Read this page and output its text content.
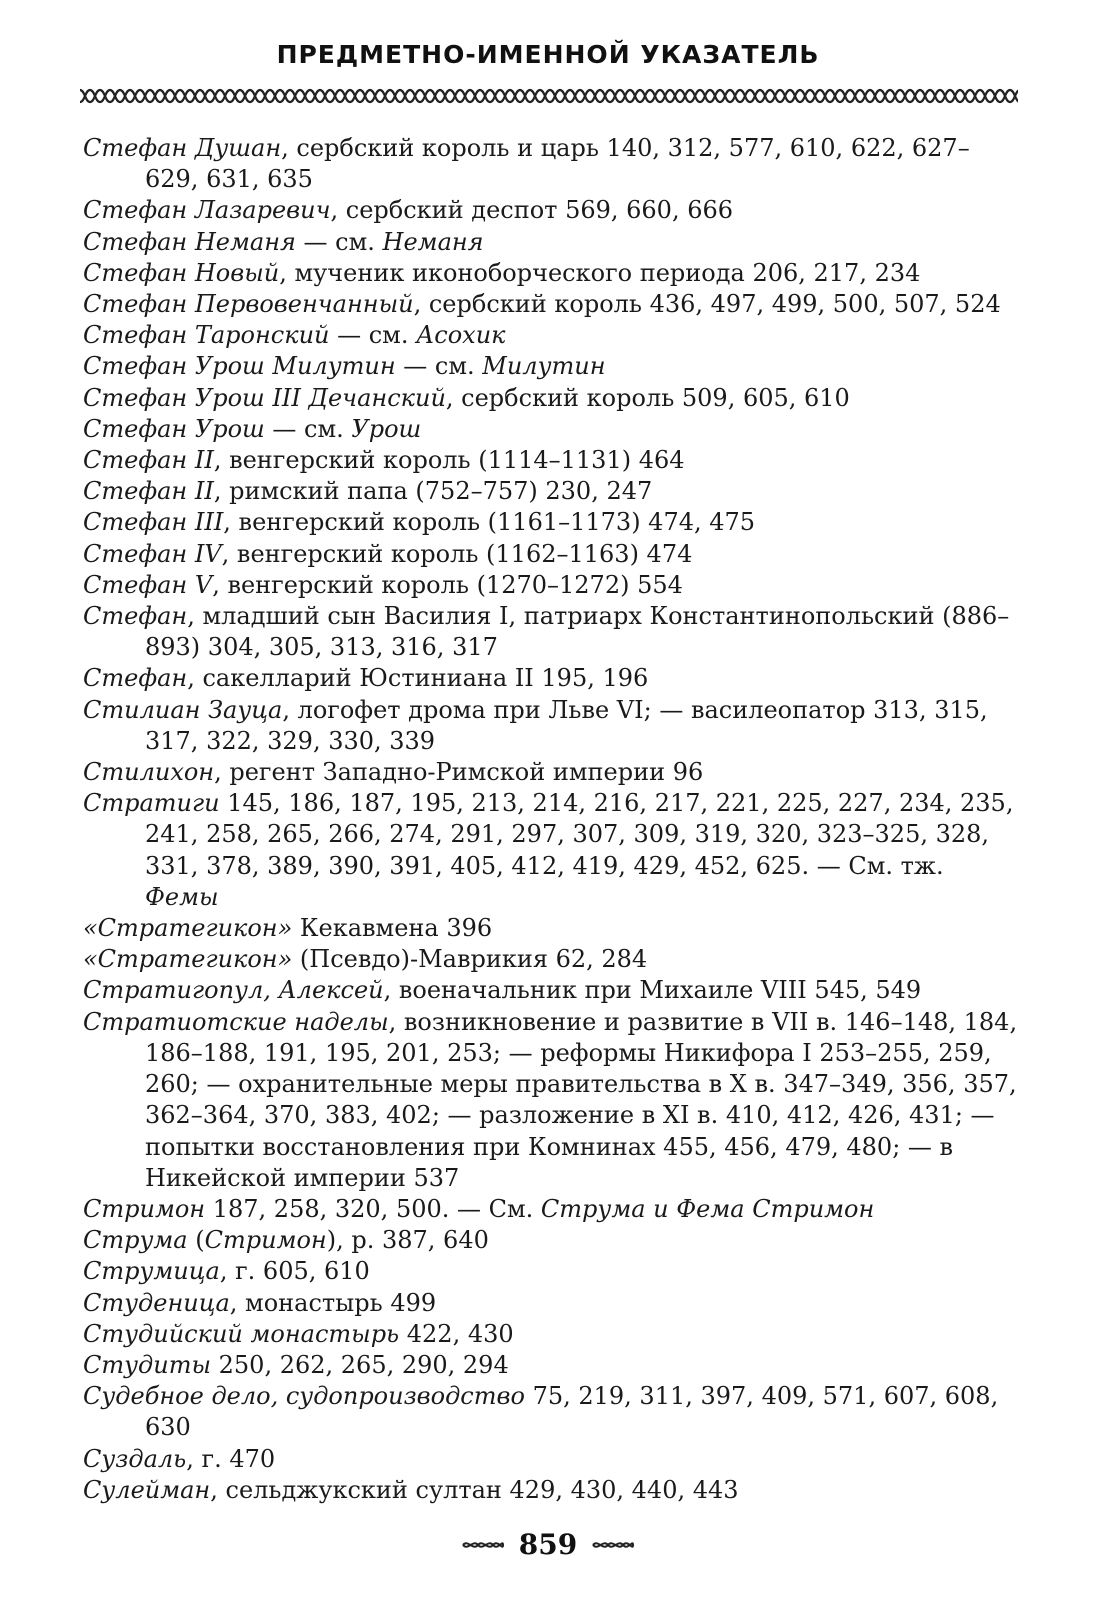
ПРЕДМЕТНО-ИМЕННОЙ УКАЗАТЕЛЬ

Стефан Душан, сербский король и царь 140, 312, 577, 610, 622, 627–629, 631, 635

Стефан Лазаревич, сербский деспот 569, 660, 666

Стефан Неманя — см. Неманя

Стефан Новый, мученик иконоборческого периода 206, 217, 234

Стефан Первовенчанный, сербский король 436, 497, 499, 500, 507, 524

Стефан Таронский — см. Асохик

Стефан Урош Милутин — см. Милутин

Стефан Урош III Дечанский, сербский король 509, 605, 610

Стефан Урош — см. Урош

Стефан II, венгерский король (1114–1131) 464

Стефан II, римский папа (752–757) 230, 247

Стефан III, венгерский король (1161–1173) 474, 475

Стефан IV, венгерский король (1162–1163) 474

Стефан V, венгерский король (1270–1272) 554

Стефан, младший сын Василия I, патриарх Константинопольский (886–893) 304, 305, 313, 316, 317

Стефан, сакелларий Юстиниана II 195, 196

Стилиан Зауца, логофет дрома при Льве VI; — василеопатор 313, 315, 317, 322, 329, 330, 339

Стилихон, регент Западно-Римской империи 96

Стратиги 145, 186, 187, 195, 213, 214, 216, 217, 221, 225, 227, 234, 235, 241, 258, 265, 266, 274, 291, 297, 307, 309, 319, 320, 323–325, 328, 331, 378, 389, 390, 391, 405, 412, 419, 429, 452, 625. — См. тж. Фемы

«Стратегикон» Кекавмена 396

«Стратегикон» (Псевдо)-Маврикия 62, 284

Стратигопул, Алексей, военачальник при Михаиле VIII 545, 549

Стратиотские наделы, возникновение и развитие в VII в. 146–148, 184, 186–188, 191, 195, 201, 253; — реформы Никифора I 253–255, 259, 260; — охранительные меры правительства в X в. 347–349, 356, 357, 362–364, 370, 383, 402; — разложение в XI в. 410, 412, 426, 431; — попытки восстановления при Комнинах 455, 456, 479, 480; — в Никейской империи 537

Стримон 187, 258, 320, 500. — См. Струма и Фема Стримон

Струма (Стримон), р. 387, 640

Струмица, г. 605, 610

Студеница, монастырь 499

Студийский монастырь 422, 430

Студиты 250, 262, 265, 290, 294

Судебное дело, судопроизводство 75, 219, 311, 397, 409, 571, 607, 608, 630

Суздаль, г. 470

Сулейман, сельджукский султан 429, 430, 440, 443

859
